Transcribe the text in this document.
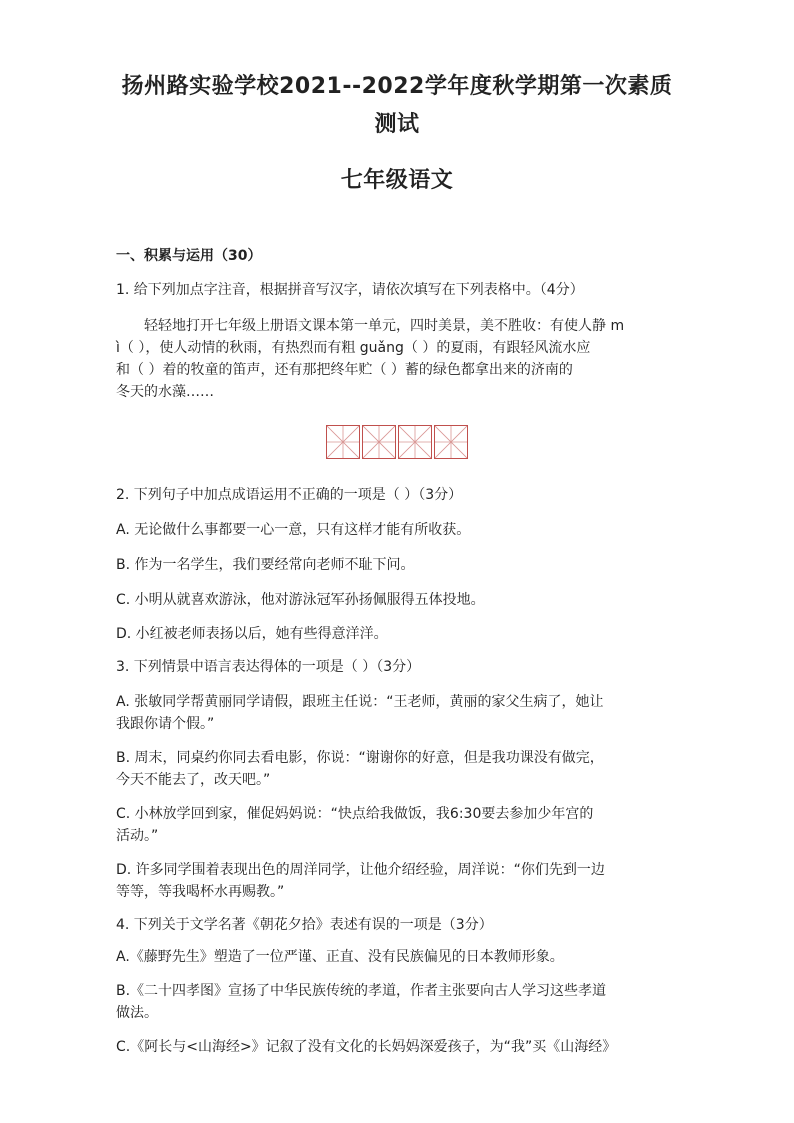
扬州路实验学校2021--2022学年度秋学期第一次素质
测试
七年级语文
一、积累与运用（30）
1. 给下列加点字注音，根据拼音写汉字，请依次填写在下列表格中。（4分）
轻轻地打开七年级上册语文课本第一单元，四时美景，美不胜收：有使人静 m
ì（ ），使人动情的秋雨，有热烈而有粗 guǎng（ ）的夏雨，有跟轻风流水应
和（ ）着的牧童的笛声，还有那把终年贮（ ）蓄的绿色都拿出来的济南的
冬天的水藻……
2. 下列句子中加点成语运用不正确的一项是（ ）（3分）
A. 无论做什么事都要一心一意，只有这样才能有所收获。
B. 作为一名学生，我们要经常向老师不耻下问。
C. 小明从就喜欢游泳，他对游泳冠军孙扬佩服得五体投地。
D. 小红被老师表扬以后，她有些得意洋洋。
3. 下列情景中语言表达得体的一项是（ ）（3分）
A. 张敏同学帮黄丽同学请假，跟班主任说：“王老师，黄丽的家父生病了，她让
我跟你请个假。”
B. 周末，同桌约你同去看电影，你说：“谢谢你的好意，但是我功课没有做完，
今天不能去了，改天吧。”
C. 小林放学回到家，催促妈妈说：“快点给我做饭，我6:30要去参加少年宫的
活动。”
D. 许多同学围着表现出色的周洋同学，让他介绍经验，周洋说：“你们先到一边
等等，等我喝杯水再赐教。”
4. 下列关于文学名著《朝花夕拾》表述有误的一项是（3分）
A.《藤野先生》塑造了一位严谨、正直、没有民族偏见的日本教师形象。
B.《二十四孝图》宣扬了中华民族传统的孝道，作者主张要向古人学习这些孝道
做法。
C.《阿长与<山海经>》记叙了没有文化的长妈妈深爱孩子，为“我”买《山海经》
